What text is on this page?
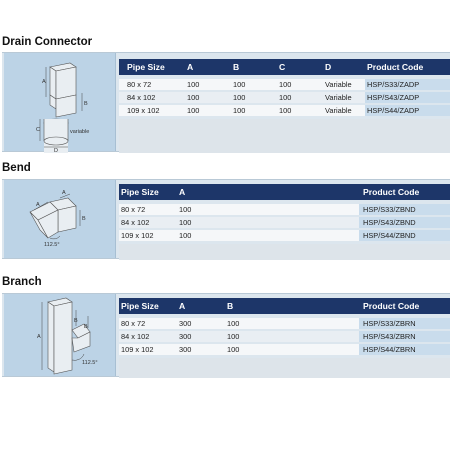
Drain Connector
A
B
C
D
variable
Pipe Size	A	B	C	D	Product Code
80 x 72	100	100	100	Variable HSP/S33/ZADP
84 x 102	100	100	100	Variable HSP/S43/ZADP
109 x 102	100	100	100	Variable HSP/S44/ZADP
Bend
A
A
B
112.5°
Pipe Size A	Product Code
80 x 72	100	HSP/S33/ZBND
84 x 102	100	HSP/S43/ZBND
109 x 102	100	HSP/S44/ZBND
Branch
A
B
B
112.5°
Pipe Size A	B	Product Code
80 x 72	300	100	HSP/S33/ZBRN
84 x 102	300	100	HSP/S43/ZBRN
109 x 102	300	100	HSP/S44/ZBRN
